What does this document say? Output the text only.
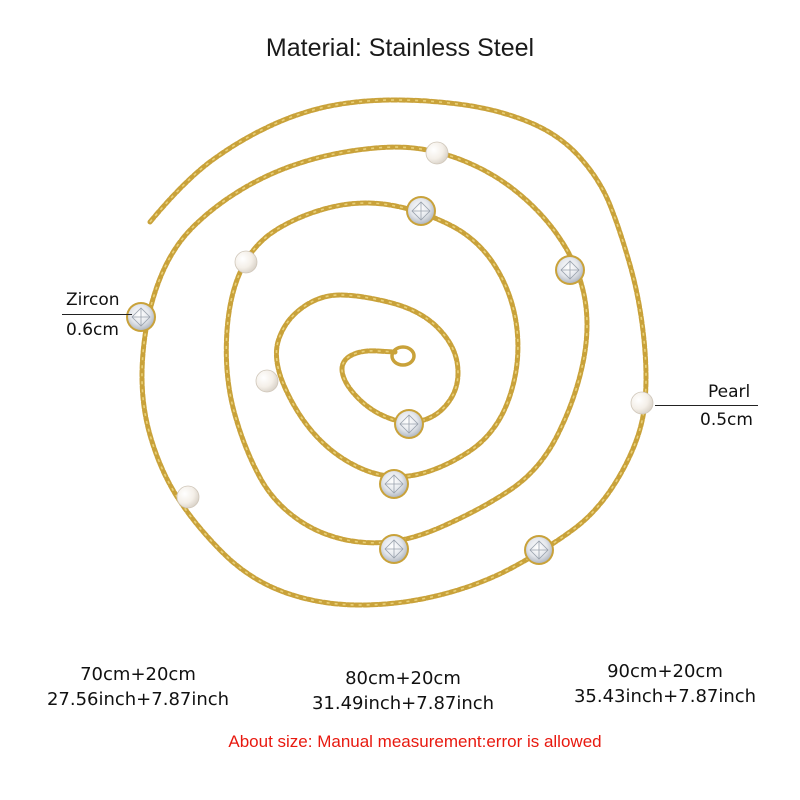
Material: Stainless Steel
Zircon
0.6cm
Pearl
0.5cm
70cm+20cm
27.56inch+7.87inch
80cm+20cm
31.49inch+7.87inch
90cm+20cm
35.43inch+7.87inch
About size: Manual measurement:error is allowed
